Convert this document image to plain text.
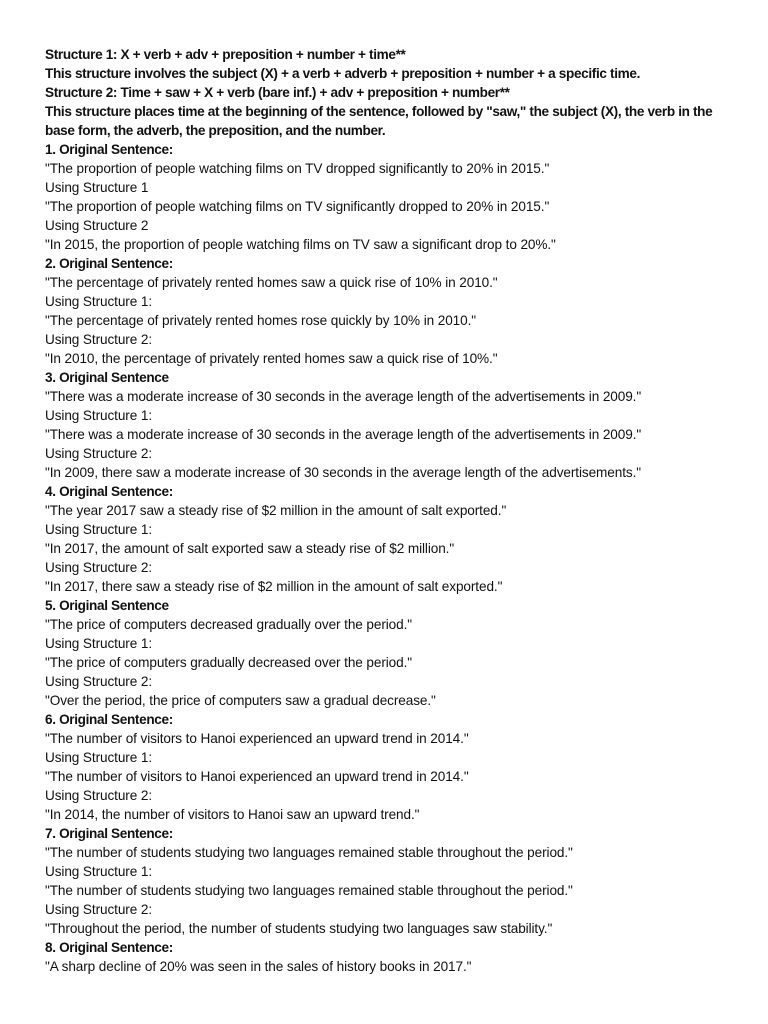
Structure 1: X + verb + adv + preposition + number + time**
This structure involves the subject (X) + a verb + adverb + preposition + number + a specific time.
Structure 2: Time + saw + X + verb (bare inf.) + adv + preposition + number**
This structure places time at the beginning of the sentence, followed by "saw," the subject (X), the verb in the base form, the adverb, the preposition, and the number.
1. Original Sentence:
"The proportion of people watching films on TV dropped significantly to 20% in 2015."
Using Structure 1
"The proportion of people watching films on TV significantly dropped to 20% in 2015."
Using Structure 2
"In 2015, the proportion of people watching films on TV saw a significant drop to 20%."
2. Original Sentence:
"The percentage of privately rented homes saw a quick rise of 10% in 2010."
Using Structure 1:
"The percentage of privately rented homes rose quickly by 10% in 2010."
Using Structure 2:
"In 2010, the percentage of privately rented homes saw a quick rise of 10%."
3. Original Sentence
"There was a moderate increase of 30 seconds in the average length of the advertisements in 2009."
Using Structure 1:
"There was a moderate increase of 30 seconds in the average length of the advertisements in 2009."
Using Structure 2:
"In 2009, there saw a moderate increase of 30 seconds in the average length of the advertisements."
4. Original Sentence:
"The year 2017 saw a steady rise of $2 million in the amount of salt exported."
Using Structure 1:
"In 2017, the amount of salt exported saw a steady rise of $2 million."
Using Structure 2:
"In 2017, there saw a steady rise of $2 million in the amount of salt exported."
5. Original Sentence
"The price of computers decreased gradually over the period."
Using Structure 1:
"The price of computers gradually decreased over the period."
Using Structure 2:
"Over the period, the price of computers saw a gradual decrease."
6. Original Sentence:
"The number of visitors to Hanoi experienced an upward trend in 2014."
Using Structure 1:
"The number of visitors to Hanoi experienced an upward trend in 2014."
Using Structure 2:
"In 2014, the number of visitors to Hanoi saw an upward trend."
7. Original Sentence:
"The number of students studying two languages remained stable throughout the period."
Using Structure 1:
"The number of students studying two languages remained stable throughout the period."
Using Structure 2:
"Throughout the period, the number of students studying two languages saw stability."
8. Original Sentence:
"A sharp decline of 20% was seen in the sales of history books in 2017."
